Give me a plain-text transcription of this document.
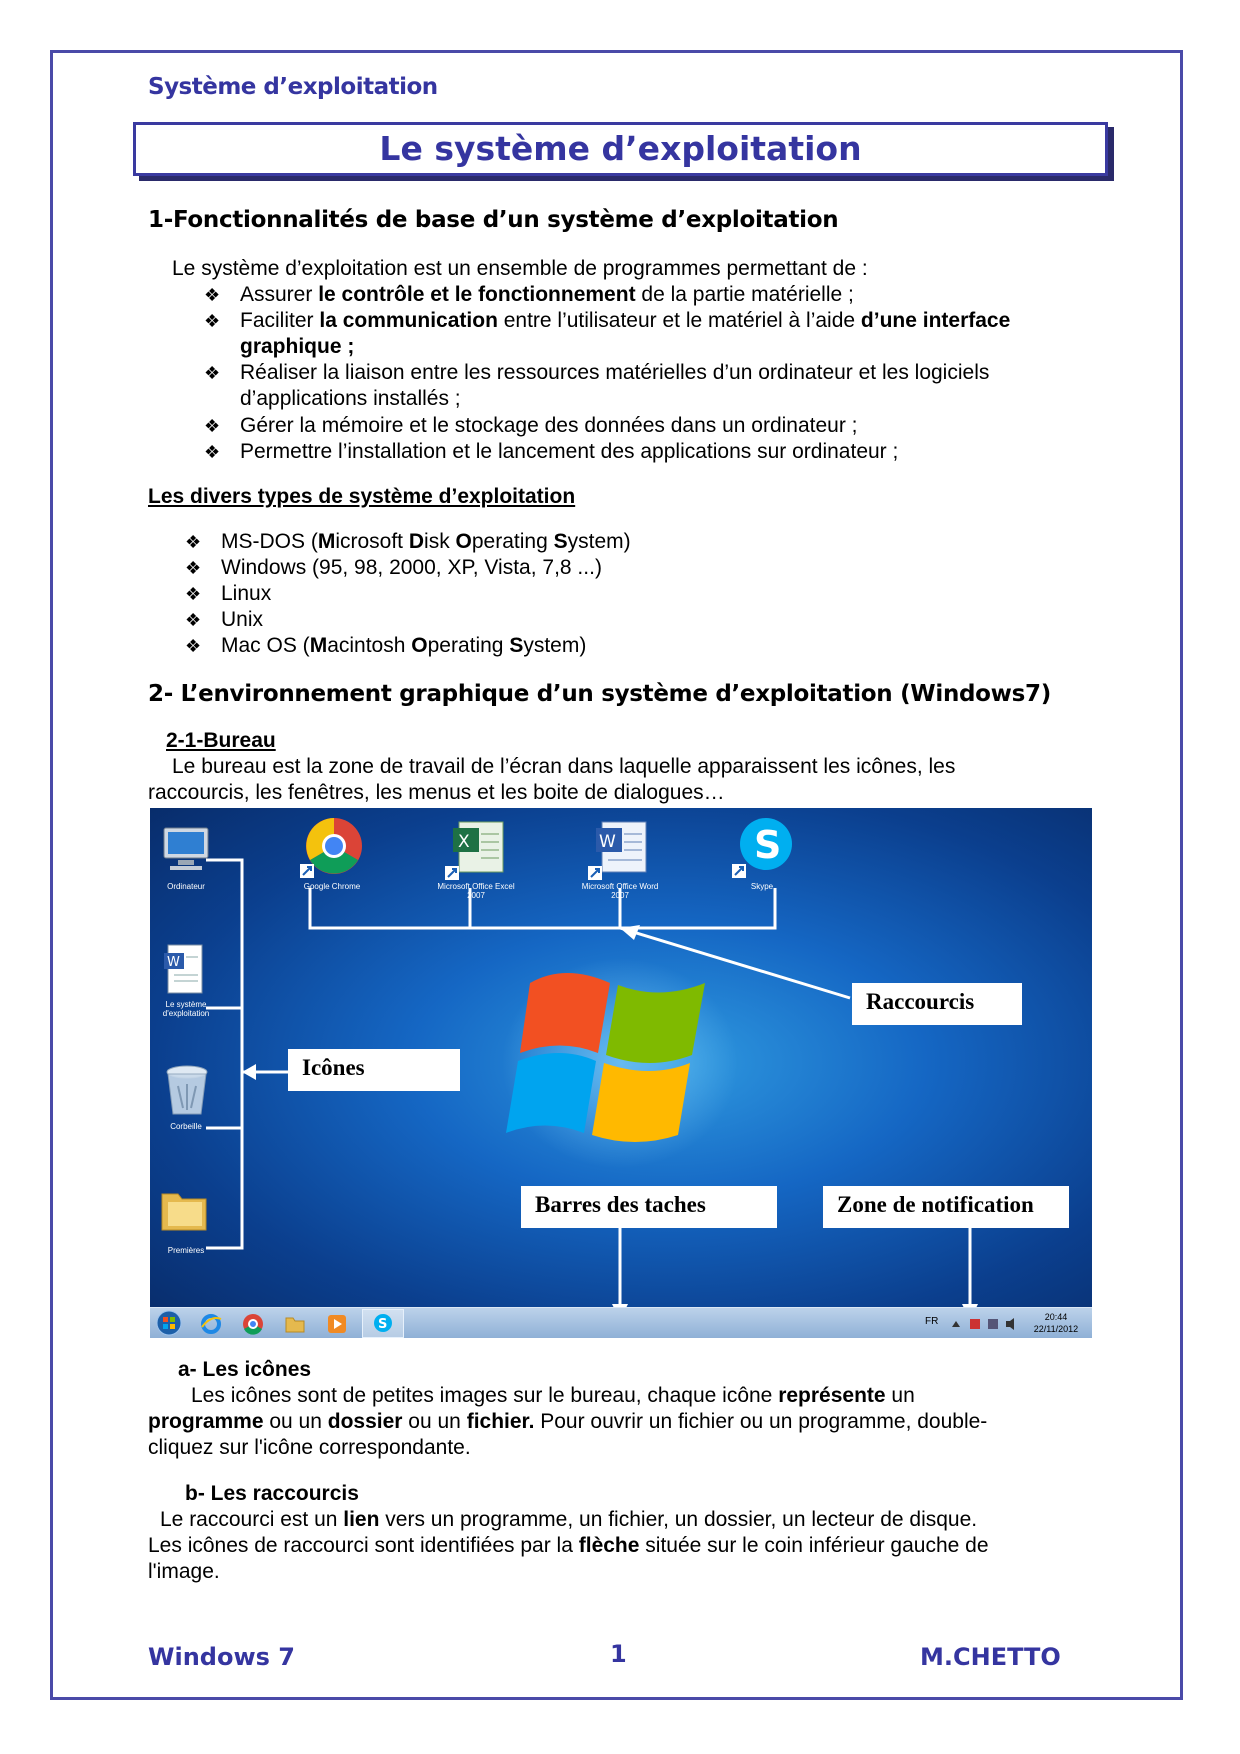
Système d’exploitation
Le système d’exploitation
1-Fonctionnalités de base d’un système d’exploitation
Le système d’exploitation est un ensemble de programmes permettant de :
❖ Assurer le contrôle et le fonctionnement de la partie matérielle ;
❖ Faciliter la communication entre l’utilisateur et le matériel à l’aide d’une interface
graphique ;
❖ Réaliser la liaison entre les ressources matérielles d’un ordinateur et les logiciels
d’applications installés ;
❖ Gérer la mémoire et le stockage des données dans un ordinateur ;
❖ Permettre l’installation et le lancement des applications sur ordinateur ;
Les divers types de système d’exploitation
❖ MS-DOS (Microsoft Disk Operating System)
❖ Windows (95, 98, 2000, XP, Vista, 7,8 ...)
❖ Linux
❖ Unix
❖ Mac OS (Macintosh Operating System)
2- L’environnement graphique d’un système d’exploitation (Windows7)
2-1-Bureau
Le bureau est la zone de travail de l’écran dans laquelle apparaissent les icônes, les
raccourcis, les fenêtres, les menus et les boite de dialogues…
Ordinateur
W
Le système d'exploitation
Corbeille
Premières
Google Chrome
X
Microsoft Office Excel 2007
W
Microsoft Office Word 2007
S
Skype
Raccourcis
Icônes
Barres des taches	Zone de notification
S	FR	20:44
22/11/2012
a- Les icônes
Les icônes sont de petites images sur le bureau, chaque icône représente un
programme ou un dossier ou un fichier. Pour ouvrir un fichier ou un programme, double-
cliquez sur l'icône correspondante.
b- Les raccourcis
Le raccourci est un lien vers un programme, un fichier, un dossier, un lecteur de disque.
Les icônes de raccourci sont identifiées par la flèche située sur le coin inférieur gauche de
l'image.
Windows 7	1	M.CHETTO
